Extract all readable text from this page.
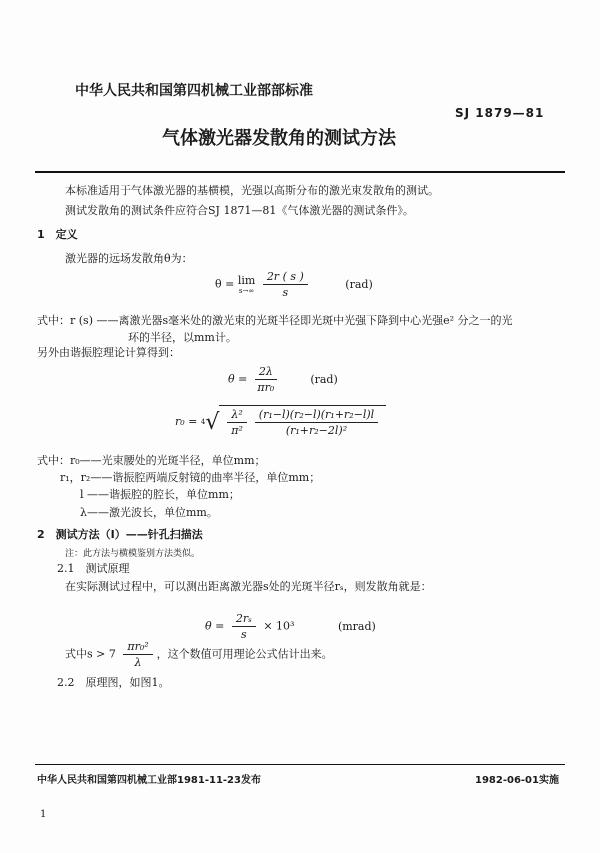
中华人民共和国第四机械工业部部标准
SJ 1879—81
气体激光器发散角的测试方法
本标准适用于气体激光器的基横模，光强以高斯分布的激光束发散角的测试。
测试发散角的测试条件应符合SJ 1871—81《气体激光器的测试条件》。
1　定义
激光器的远场发散角θ为：
θ = lim
s→∞
$\frac{2r ( s )}{s}$	(rad)
式中：r (s) ——离激光器s毫米处的激光束的光斑半径即光斑中光强下降到中心光强e² 分之一的光
环的半径，以mm计。
另外由谐振腔理论计算得到：
$\theta = \frac{2\lambda}{\text{πr₀}}$	(rad)
r₀ = 4 √ $\frac{\text{λ²}}{\text{π²}} \frac{\text{(r₁−l)(r₂−l)(r₁+r₂−l)l}}{\text{(r₁+r₂−2l)²}}$
式中：r₀——光束腰处的光斑半径，单位mm；
r₁，r₂——谐振腔两端反射镜的曲率半径，单位mm；
l ——谐振腔的腔长，单位mm；
λ——激光波长，单位mm。
2　测试方法（Ⅰ）——针孔扫描法
注：此方法与横模鉴别方法类似。
2.1　测试原理
在实际测试过程中，可以测出距离激光器s处的光斑半径rₛ，则发散角就是：
$\theta = \frac{\text{2rₛ}}{s} \times 10^3$	(mrad)
式中$s > 7 \frac{\text{πr₀²}}{\lambda}$ ，这个数值可用理论公式估计出来。
2.2　原理图，如图1。
中华人民共和国第四机械工业部1981-11-23发布	1982-06-01实施
1
